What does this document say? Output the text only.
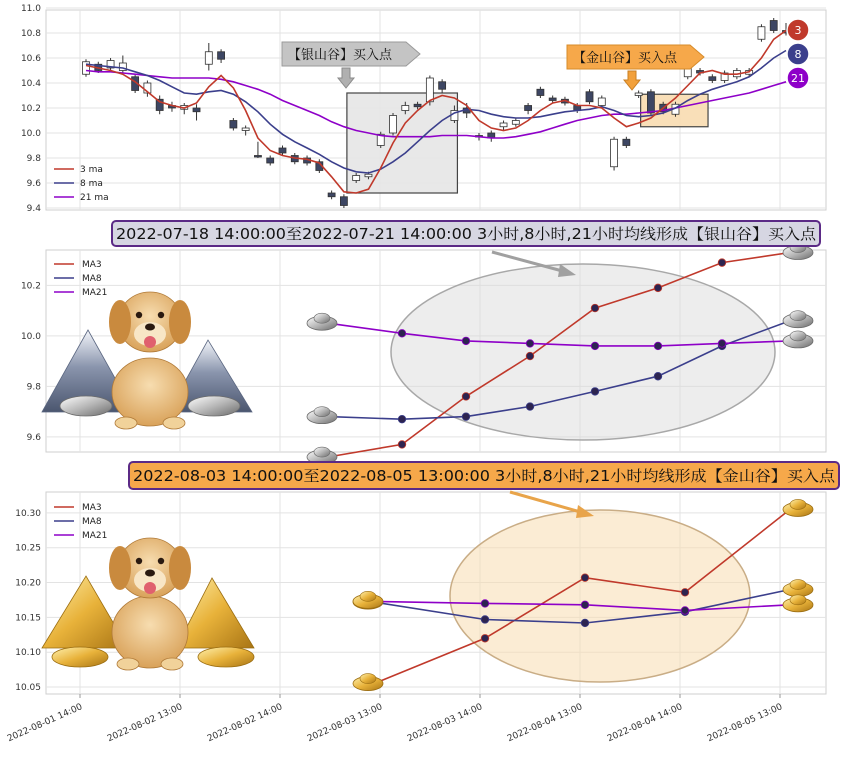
9.4
9.6
9.8
10.0
10.2
10.4
10.6
10.8
11.0
【银山谷】买入点	【金山谷】买入点
3 ma
8 ma
21 ma
3
8
21
9.6
9.8
10.0
10.2
MA3
MA8
MA21
2022-07-18 14:00:00至2022-07-21 14:00:00 3小时,8小时,21小时均线形成【银山谷】买入点
10.05
10.10
10.15
10.20
10.25
10.30
MA3
MA8
MA21
2022-08-03 14:00:00至2022-08-05 13:00:00 3小时,8小时,21小时均线形成【金山谷】买入点
2022-08-01 14:00 2022-08-02 13:00 2022-08-02 14:00 2022-08-03 13:00 2022-08-03 14:00 2022-08-04 13:00 2022-08-04 14:00 2022-08-05 13:00
